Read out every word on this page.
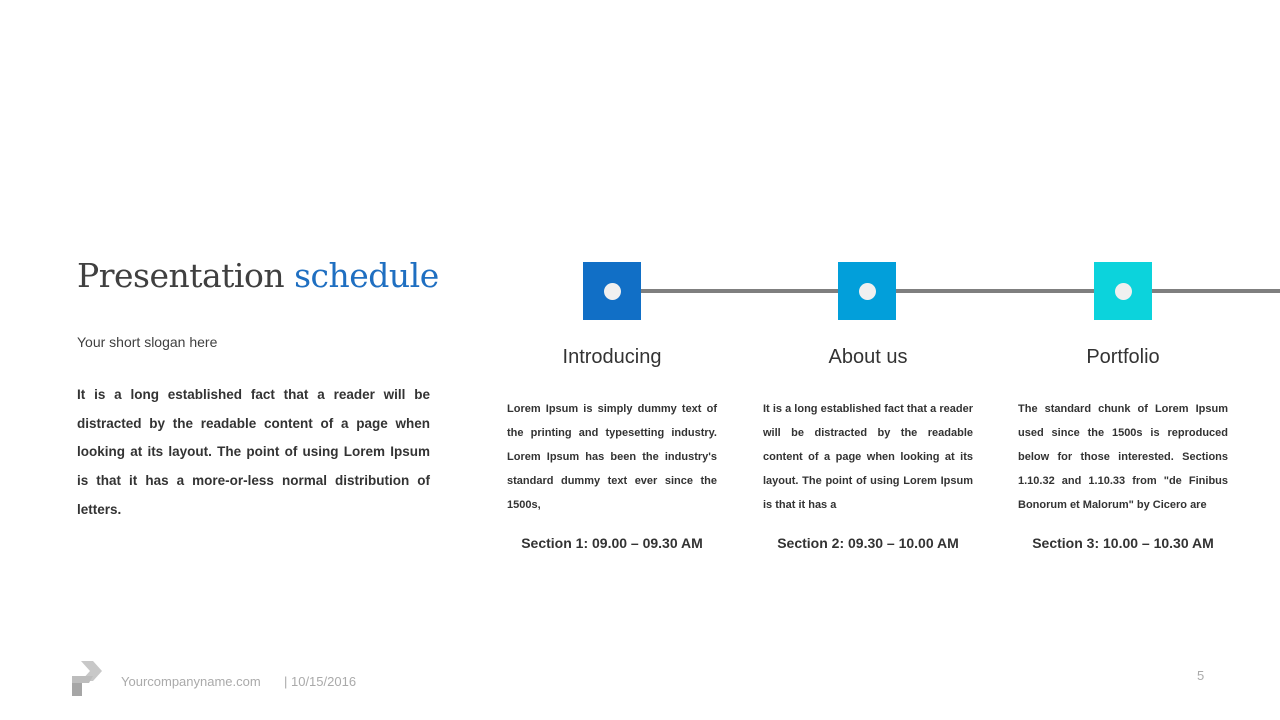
Presentation schedule
Your short slogan here
It is a long established fact that a reader will be distracted by the readable content of a page when looking at its layout. The point of using Lorem Ipsum is that it has a more-or-less normal distribution of letters.
Introducing

Lorem Ipsum is simply dummy text of the printing and typesetting industry. Lorem Ipsum has been the industry's standard dummy text ever since the 1500s,

Section 1: 09.00 – 09.30 AM
About us

It is a long established fact that a reader will be distracted by the readable content of a page when looking at its layout. The point of using Lorem Ipsum is that it has a

Section 2: 09.30 – 10.00 AM
Portfolio

The standard chunk of Lorem Ipsum used since the 1500s is reproduced below for those interested. Sections 1.10.32 and 1.10.33 from "de Finibus Bonorum et Malorum" by Cicero are

Section 3: 10.00 – 10.30 AM
Yourcompanyname.com | 10/15/2016	5
